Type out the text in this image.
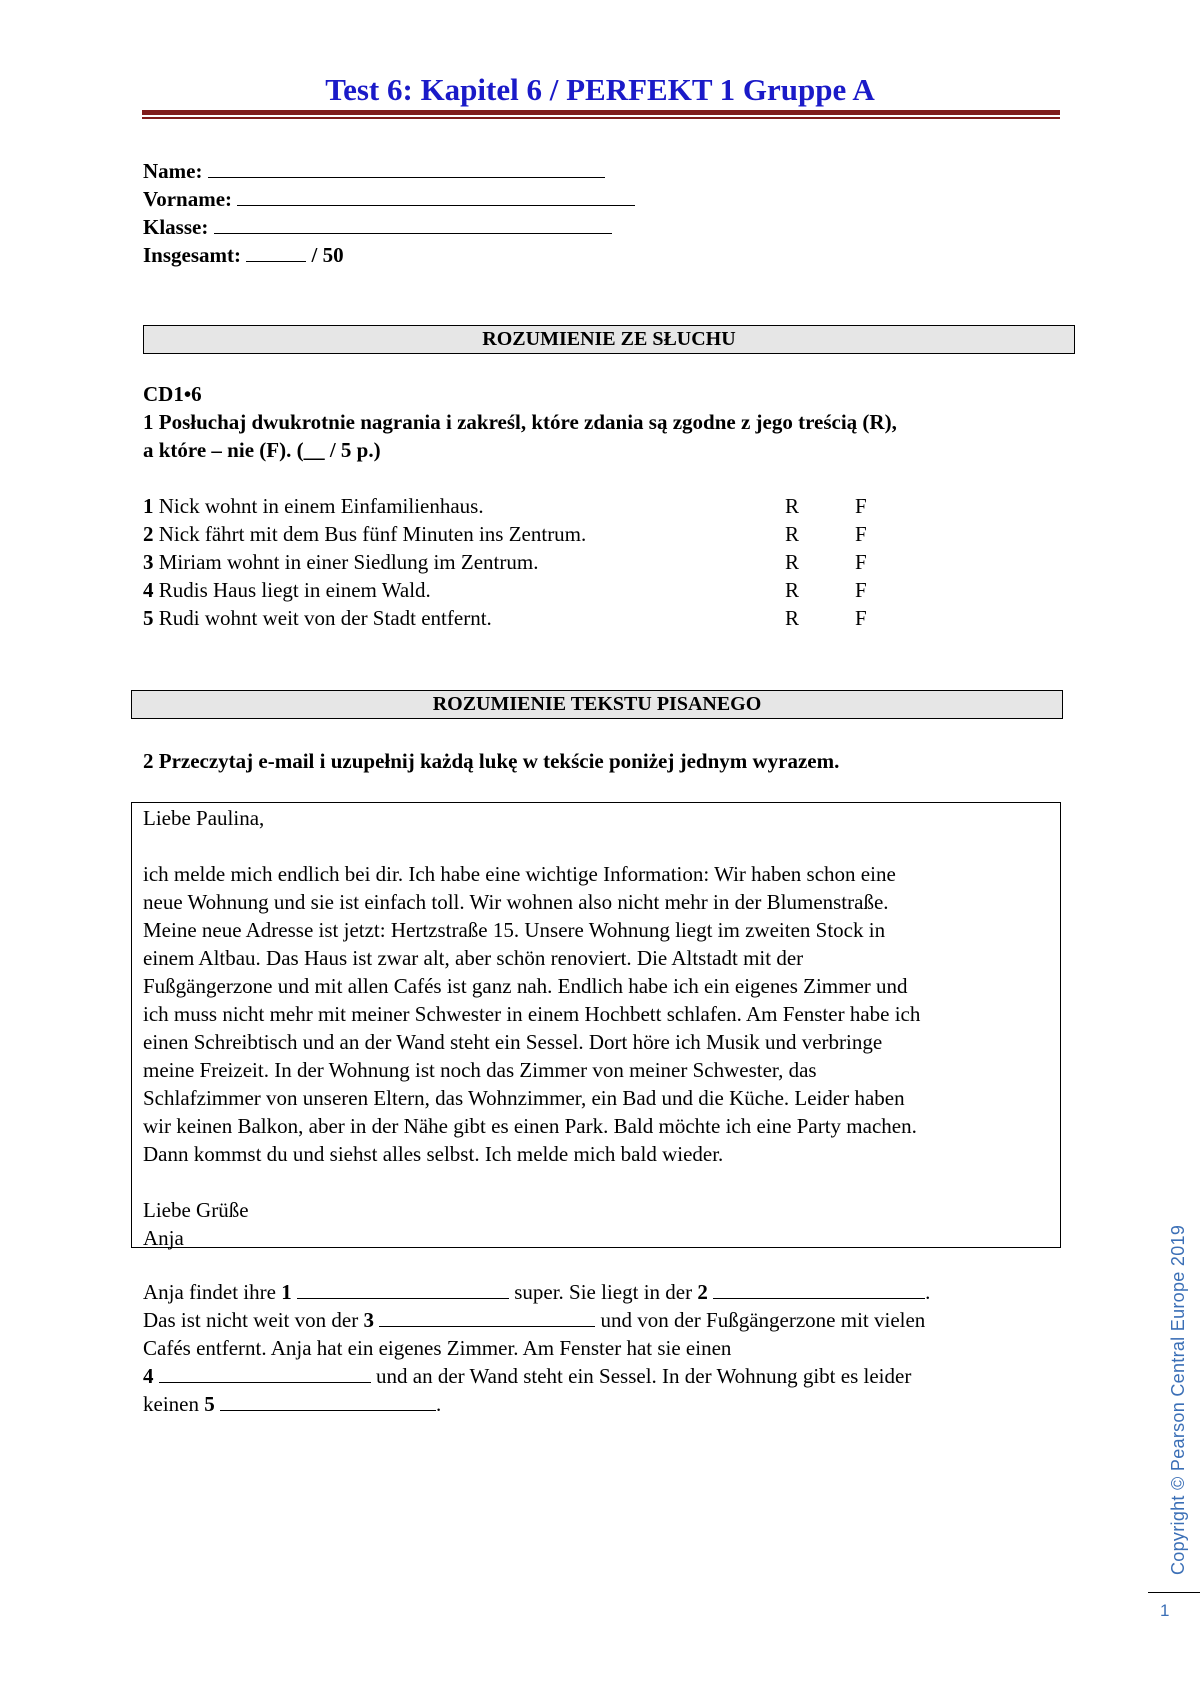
Test 6: Kapitel 6 / PERFEKT 1 Gruppe A
Name:
Vorname:
Klasse:
Insgesamt:	/ 50
ROZUMIENIE ZE SŁUCHU
CD1•6
1 Posłuchaj dwukrotnie nagrania i zakreśl, które zdania są zgodne z jego treścią (R),
a które – nie (F). (__ / 5 p.)
1 Nick wohnt in einem Einfamilienhaus.	R	F
2 Nick fährt mit dem Bus fünf Minuten ins Zentrum.	R	F
3 Miriam wohnt in einer Siedlung im Zentrum.	R	F
4 Rudis Haus liegt in einem Wald.	R	F
5 Rudi wohnt weit von der Stadt entfernt.	R	F
ROZUMIENIE TEKSTU PISANEGO
2 Przeczytaj e-mail i uzupełnij każdą lukę w tekście poniżej jednym wyrazem.
Liebe Paulina,
ich melde mich endlich bei dir. Ich habe eine wichtige Information: Wir haben schon eine
neue Wohnung und sie ist einfach toll. Wir wohnen also nicht mehr in der Blumenstraße.
Meine neue Adresse ist jetzt: Hertzstraße 15. Unsere Wohnung liegt im zweiten Stock in
einem Altbau. Das Haus ist zwar alt, aber schön renoviert. Die Altstadt mit der
Fußgängerzone und mit allen Cafés ist ganz nah. Endlich habe ich ein eigenes Zimmer und
ich muss nicht mehr mit meiner Schwester in einem Hochbett schlafen. Am Fenster habe ich
einen Schreibtisch und an der Wand steht ein Sessel. Dort höre ich Musik und verbringe
meine Freizeit. In der Wohnung ist noch das Zimmer von meiner Schwester, das
Schlafzimmer von unseren Eltern, das Wohnzimmer, ein Bad und die Küche. Leider haben
wir keinen Balkon, aber in der Nähe gibt es einen Park. Bald möchte ich eine Party machen.
Dann kommst du und siehst alles selbst. Ich melde mich bald wieder.
Liebe Grüße
Anja
Anja findet ihre 1	super. Sie liegt in der 2	.
Das ist nicht weit von der 3	und von der Fußgängerzone mit vielen
Cafés entfernt. Anja hat ein eigenes Zimmer. Am Fenster hat sie einen
4	und an der Wand steht ein Sessel. In der Wohnung gibt es leider
keinen 5	.	Copyright © Pearson Central Europe 2019
1
